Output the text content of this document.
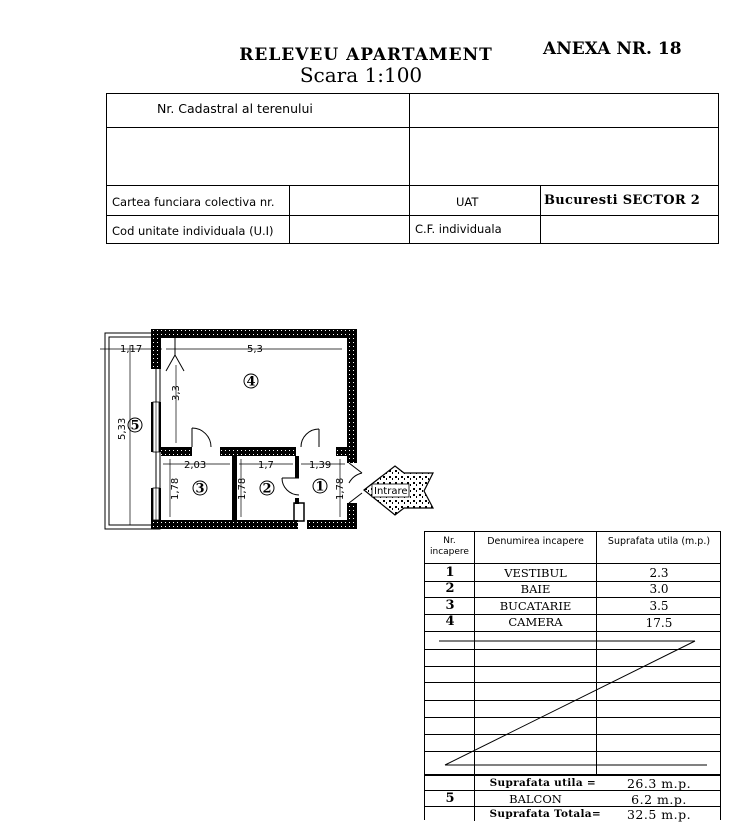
RELEVEU APARTAMENT
Scara 1:100
ANEXA NR. 18
Nr. Cadastral al terenului
Cartea funciara colectiva nr.	UAT	Bucuresti SECTOR 2
Cod unitate individuala (U.I)	C.F. individuala
1,17	5,3
5,33
3,3
2,03	1,7	1,39
1,78	1,78	1,78
4
5
3	2	1	Intrare
Nr. incapere
Denumirea incapere	Suprafata utila (m.p.)
1	VESTIBUL	2.3
2	BAIE	3.0
3	BUCATARIE	3.5
4	CAMERA	17.5
Suprafata utila =	26.3 m.p.
5	BALCON	6.2 m.p.
Suprafata Totala=	32.5 m.p.
